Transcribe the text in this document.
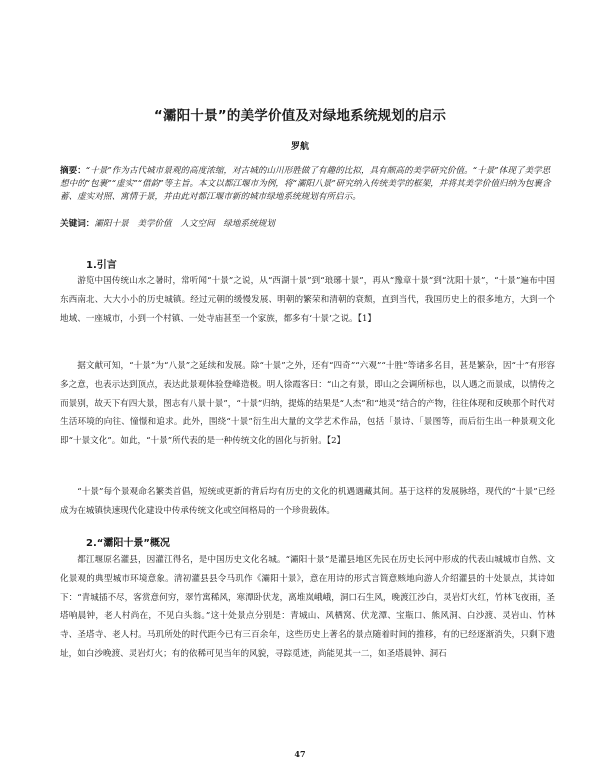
“灞阳十景”的美学价值及对绿地系统规划的启示
罗航
摘要：“十景”作为古代城市景观的高度浓缩，对古城的山川形胜做了有趣的比拟，具有颇高的美学研究价值。“十景”体现了美学思想中的“包裹”“虚实”“借韵”等主旨。本文以都江堰市为例，将“灞阳八景”研究纳入传统美学的框架，并将其美学价值归纳为包裹含蓄、虚实对照、寓情于景，并由此对都江堰市新的城市绿地系统规划有所启示。
关键词：灞阳十景　美学价值　人文空间　绿地系统规划
1.引言

游览中国传统山水之暑时，常听闻“十景”之说，从“西湖十景”到“琅琊十景”，再从“豫章十景”到“沈阳十景”，“十景”遍布中国东西南北、大大小小的历史城镇。经过元朝的缓慢发展、明朝的繁荣和清朝的衰颓，直到当代，我国历史上的很多地方，大到一个地域、一座城市，小到一个村镇、一处寺庙甚至一个家族，都多有‘十景’之说。【1】

据文献可知，“十景”为“八景”之延续和发展。除“十景”之外，还有“四奇”“六观”“十胜”等诸多名目，甚是繁杂，因“十”有形容多之意，也表示达到顶点，表达此景观体验登峰造极。明人徐霞客曰：“山之有景，即山之会调所标也，以人遇之而景成，以情传之而景别，故天下有四大景，图志有八景十景”，“十景”归纳，提炼的结果是“人杰”和“地灵”结合的产物，往往体现和反映那个时代对生活环境的向往、憧憬和追求。此外，围绕“十景”衍生出大量的文学艺术作品，包括「景诗、「景图等，而后衍生出一种景观文化即“十景文化”。如此，“十景”所代表的是一种传统文化的固化与折射。【2】

“十景”每个景观命名繁类首倡，短统或更新的背后均有历史的文化的机遇遇藏其间。基于这样的发展脉络，现代的“十景”已经成为在城镇快速现代化建设中传承传统文化或空间格局的一个珍贵载体。

2.“灞阳十景”概况

都江堰原名灌县，因灌江得名，是中国历史文化名城。“灞阳十景”是灌县地区先民在历史长河中形成的代表山城城市自然、文化景观的典型城市环境意象。清初灌县县令马玑作《灞阳十景》，意在用诗的形式言简意赅地向游人介绍灌县的十处景点，其诗如下：“青城插不尽，客赏意何穷，翠竹寓稀风，寒潭卧伏龙，离堆岚峨峨，洞口石生风，晚渡江沙白，灵岩灯火红，竹林飞夜雨，圣塔响晨钟，老人村尚在，不见白头翁。”这十处景点分别是：青城山、风栖窝、伏龙潭、宝瓶口、熊风洞、白沙渡、灵岩山、竹林寺、圣塔寺、老人村。马玑所处的时代距今已有三百余年，这些历史上著名的景点随着时间的推移，有的已经逐渐消失，只剩下遗址，如白沙晚渡、灵岩灯火；有的依稀可见当年的风貌，寻踪觅迹，尚能见其一二，如圣塔晨钟、洞石

47
